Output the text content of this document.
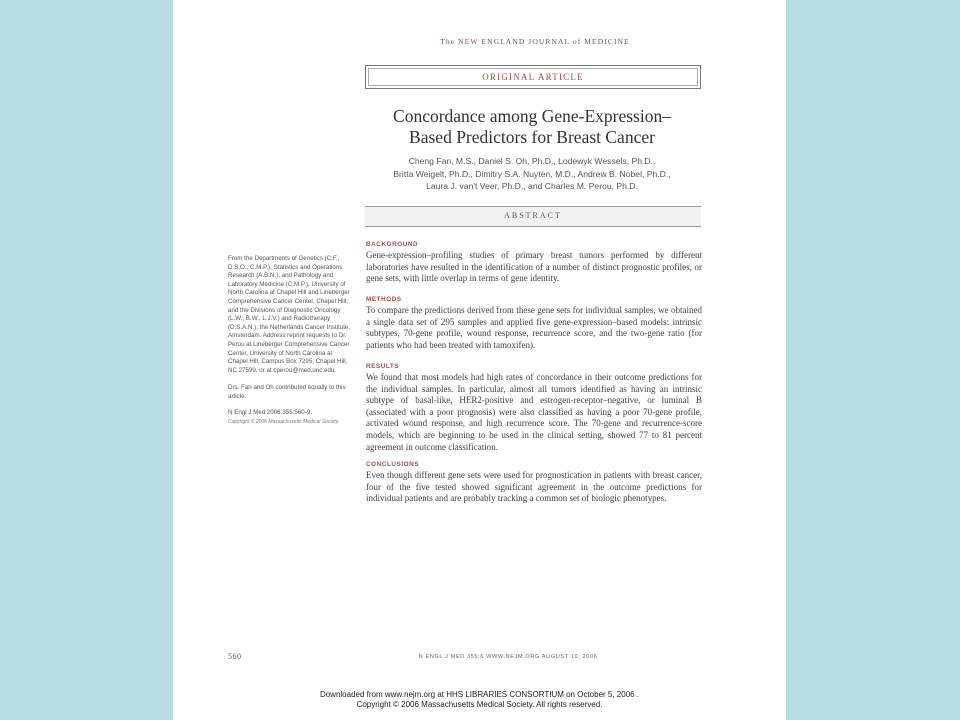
The NEW ENGLAND JOURNAL of MEDICINE
ORIGINAL ARTICLE
Concordance among Gene-Expression–
Based Predictors for Breast Cancer
Cheng Fan, M.S., Daniel S. Oh, Ph.D., Lodewyk Wessels, Ph.D.,
Britta Weigelt, Ph.D., Dimitry S.A. Nuyten, M.D., Andrew B. Nobel, Ph.D.,
Laura J. van't Veer, Ph.D., and Charles M. Perou, Ph.D.
ABSTRACT
BACKGROUND
Gene-expression–profiling studies of primary breast tumors performed by different laboratories have resulted in the identification of a number of distinct prognostic profiles, or gene sets, with little overlap in terms of gene identity.
METHODS
To compare the predictions derived from these gene sets for individual samples, we obtained a single data set of 295 samples and applied five gene-expression–based models: intrinsic subtypes, 70-gene profile, wound response, recurrence score, and the two-gene ratio (for patients who had been treated with tamoxifen).
RESULTS
We found that most models had high rates of concordance in their outcome predictions for the individual samples. In particular, almost all tumors identified as having an intrinsic subtype of basal-like, HER2-positive and estrogen-receptor–negative, or luminal B (associated with a poor prognosis) were also classified as having a poor 70-gene profile, activated wound response, and high recurrence score. The 70-gene and recurrence-score models, which are beginning to be used in the clinical setting, showed 77 to 81 percent agreement in outcome classification.
CONCLUSIONS
Even though different gene sets were used for prognostication in patients with breast cancer, four of the five tested showed significant agreement in the outcome predictions for individual patients and are probably tracking a common set of biologic phenotypes.
From the Departments of Genetics (C.F., D.S.O., C.M.P.), Statistics and Operations Research (A.B.N.), and Pathology and Laboratory Medicine (C.M.P.), University of North Carolina at Chapel Hill and Lineberger Comprehensive Cancer Center, Chapel Hill; and the Divisions of Diagnostic Oncology (L.W., B.W., L.J.V.) and Radiotherapy (D.S.A.N.), the Netherlands Cancer Institute, Amsterdam. Address reprint requests to Dr. Perou at Lineberger Comprehensive Cancer Center, University of North Carolina at Chapel Hill, Campus Box 7295, Chapel Hill, NC 27599, or at cperou@med.unc.edu.
Drs. Fan and Oh contributed equally to this article.
N Engl J Med 2006;355:560-9.
Copyright © 2006 Massachusetts Medical Society.
560	N ENGL J MED 355;6 WWW.NEJM.ORG AUGUST 10, 2006
Downloaded from www.nejm.org at HHS LIBRARIES CONSORTIUM on October 5, 2006 .
Copyright © 2006 Massachusetts Medical Society. All rights reserved.
